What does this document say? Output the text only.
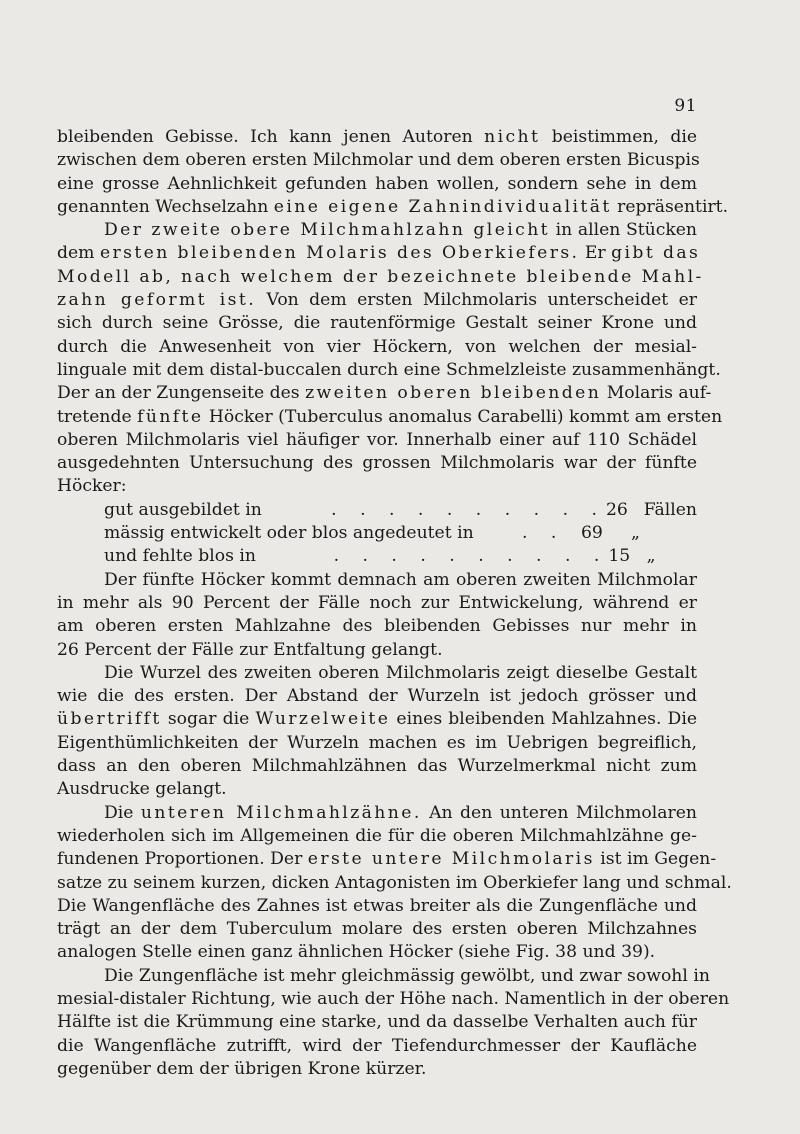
91
bleibenden Gebisse. Ich kann jenen Autoren nicht beistimmen, die
zwischen dem oberen ersten Milchmolar und dem oberen ersten Bicuspis
eine grosse Aehnlichkeit gefunden haben wollen, sondern sehe in dem
genannten Wechselzahn eine eigene Zahnindividualität repräsentirt.
Der zweite obere Milchmahlzahn gleicht in allen Stücken
dem ersten bleibenden Molaris des Oberkiefers. Er gibt das
Modell ab, nach welchem der bezeichnete bleibende Mahl-
zahn geformt ist. Von dem ersten Milchmolaris unterscheidet er
sich durch seine Grösse, die rautenförmige Gestalt seiner Krone und
durch die Anwesenheit von vier Höckern, von welchen der mesial-
linguale mit dem distal-buccalen durch eine Schmelzleiste zusammenhängt.
Der an der Zungenseite des zweiten oberen bleibenden Molaris auf-
tretende fünfte Höcker (Tuberculus anomalus Carabelli) kommt am ersten
oberen Milchmolaris viel häufiger vor. Innerhalb einer auf 110 Schädel
ausgedehnten Untersuchung des grossen Milchmolaris war der fünfte
Höcker:
gut ausgebildet in	. . . . . . . . . . 26 Fällen
mässig entwickelt oder blos angedeutet in	. . 69	„
und fehlte blos in	. . . . . . . . . . 15 „
Der fünfte Höcker kommt demnach am oberen zweiten Milchmolar
in mehr als 90 Percent der Fälle noch zur Entwickelung, während er
am oberen ersten Mahlzahne des bleibenden Gebisses nur mehr in
26 Percent der Fälle zur Entfaltung gelangt.
Die Wurzel des zweiten oberen Milchmolaris zeigt dieselbe Gestalt
wie die des ersten. Der Abstand der Wurzeln ist jedoch grösser und
übertrifft sogar die Wurzelweite eines bleibenden Mahlzahnes. Die
Eigenthümlichkeiten der Wurzeln machen es im Uebrigen begreiflich,
dass an den oberen Milchmahlzähnen das Wurzelmerkmal nicht zum
Ausdrucke gelangt.
Die unteren Milchmahlzähne. An den unteren Milchmolaren
wiederholen sich im Allgemeinen die für die oberen Milchmahlzähne ge-
fundenen Proportionen. Der erste untere Milchmolaris ist im Gegen-
satze zu seinem kurzen, dicken Antagonisten im Oberkiefer lang und schmal.
Die Wangenfläche des Zahnes ist etwas breiter als die Zungenfläche und
trägt an der dem Tuberculum molare des ersten oberen Milchzahnes
analogen Stelle einen ganz ähnlichen Höcker (siehe Fig. 38 und 39).
Die Zungenfläche ist mehr gleichmässig gewölbt, und zwar sowohl in
mesial-distaler Richtung, wie auch der Höhe nach. Namentlich in der oberen
Hälfte ist die Krümmung eine starke, und da dasselbe Verhalten auch für
die Wangenfläche zutrifft, wird der Tiefendurchmesser der Kaufläche
gegenüber dem der übrigen Krone kürzer.
